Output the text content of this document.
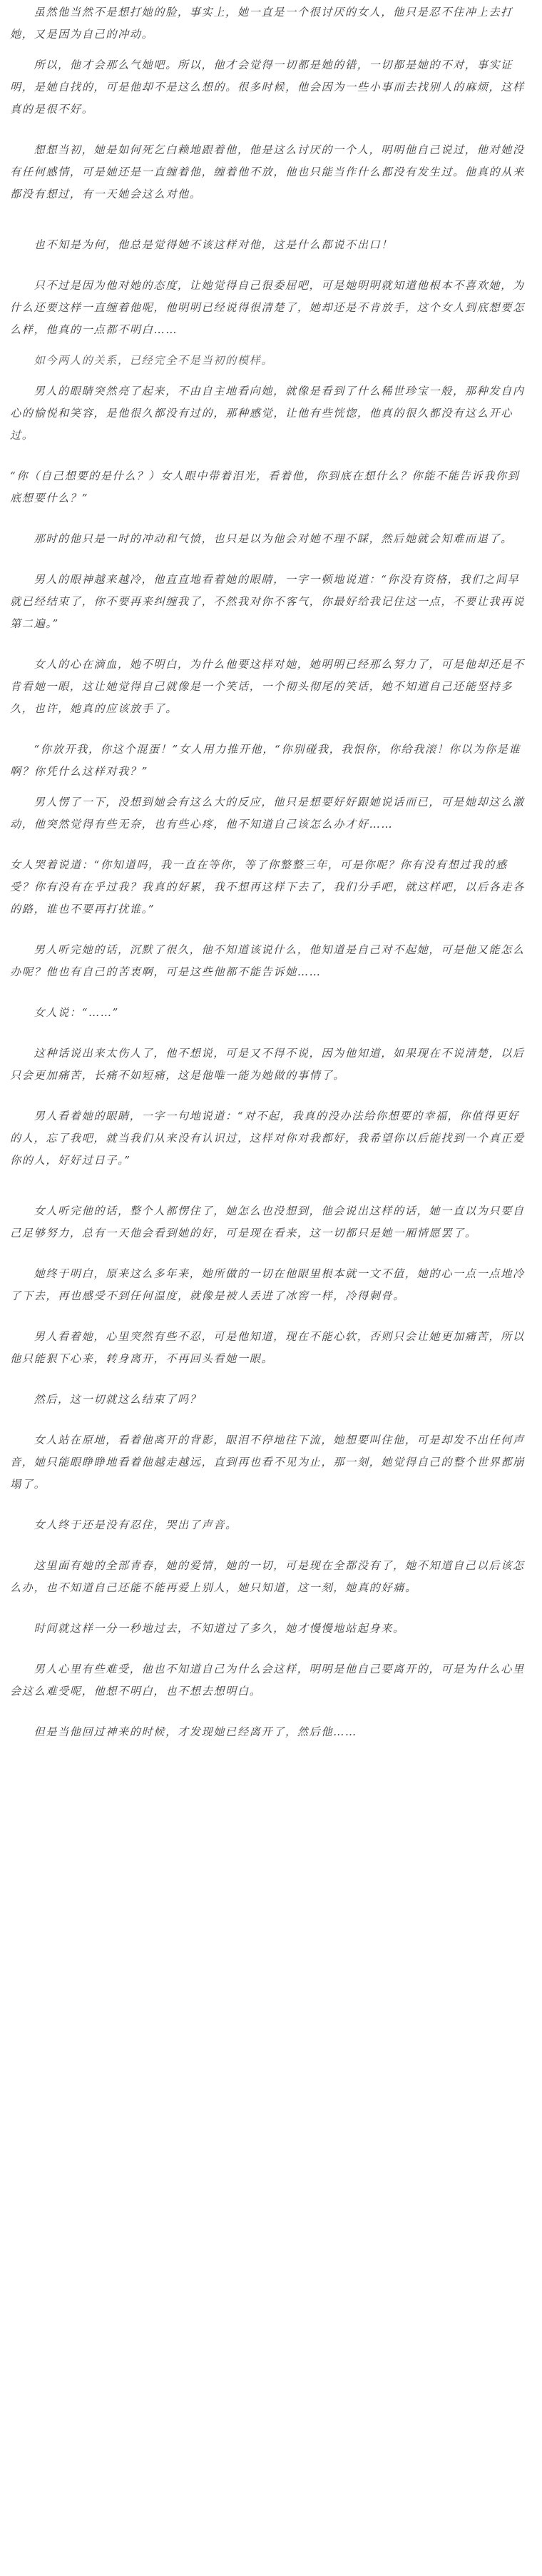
虽然他当然不是想打她的脸，事实上，她一直是一个很讨厌的女人，他只是忍不住冲上去打她，又是因为自己的冲动。

所以，他才会那么气她吧。所以，他才会觉得一切都是她的错，一切都是她的不对，事实证明，是她自找的，可是他却不是这么想的。很多时候，他会因为一些小事而去找别人的麻烦，这样真的是很不好。

想想当初，她是如何死乞白赖地跟着他，他是这么讨厌的一个人，明明他自己说过，他对她没有任何感情，可是她还是一直缠着他，缠着他不放，他也只能当作什么都没有发生过。他真的从来都没有想过，有一天她会这么对他。

也不知是为何，他总是觉得她不该这样对他，这是什么都说不出口！

只不过是因为他对她的态度，让她觉得自己很委屈吧，可是她明明就知道他根本不喜欢她，为什么还要这样一直缠着他呢，他明明已经说得很清楚了，她却还是不肯放手，这个女人到底想要怎么样，他真的一点都不明白……

如今两人的关系，已经完全不是当初的模样。

男人的眼睛突然亮了起来，不由自主地看向她，就像是看到了什么稀世珍宝一般，那种发自内心的愉悦和笑容，是他很久都没有过的，那种感觉，让他有些恍惚，他真的很久都没有这么开心过。

“你（自己想要的是什么？）女人眼中带着泪光，看着他，你到底在想什么？你能不能告诉我你到底想要什么？”

那时的他只是一时的冲动和气愤，也只是以为他会对她不理不睬，然后她就会知难而退了。

男人的眼神越来越冷，他直直地看着她的眼睛，一字一顿地说道：“你没有资格，我们之间早就已经结束了，你不要再来纠缠我了，不然我对你不客气，你最好给我记住这一点，不要让我再说第二遍。”

女人的心在滴血，她不明白，为什么他要这样对她，她明明已经那么努力了，可是他却还是不肯看她一眼，这让她觉得自己就像是一个笑话，一个彻头彻尾的笑话，她不知道自己还能坚持多久，也许，她真的应该放手了。

“你放开我，你这个混蛋！”女人用力推开他，“你别碰我，我恨你，你给我滚！你以为你是谁啊？你凭什么这样对我？”

男人愣了一下，没想到她会有这么大的反应，他只是想要好好跟她说话而已，可是她却这么激动，他突然觉得有些无奈，也有些心疼，他不知道自己该怎么办才好……

女人哭着说道：“你知道吗，我一直在等你，等了你整整三年，可是你呢？你有没有想过我的感受？你有没有在乎过我？我真的好累，我不想再这样下去了，我们分手吧，就这样吧，以后各走各的路，谁也不要再打扰谁。”

男人听完她的话，沉默了很久，他不知道该说什么，他知道是自己对不起她，可是他又能怎么办呢？他也有自己的苦衷啊，可是这些他都不能告诉她……

女人说：“……”

这种话说出来太伤人了，他不想说，可是又不得不说，因为他知道，如果现在不说清楚，以后只会更加痛苦，长痛不如短痛，这是他唯一能为她做的事情了。

男人看着她的眼睛，一字一句地说道：“对不起，我真的没办法给你想要的幸福，你值得更好的人，忘了我吧，就当我们从来没有认识过，这样对你对我都好，我希望你以后能找到一个真正爱你的人，好好过日子。”

女人听完他的话，整个人都愣住了，她怎么也没想到，他会说出这样的话，她一直以为只要自己足够努力，总有一天他会看到她的好，可是现在看来，这一切都只是她一厢情愿罢了。

她终于明白，原来这么多年来，她所做的一切在他眼里根本就一文不值，她的心一点一点地冷了下去，再也感受不到任何温度，就像是被人丢进了冰窖一样，冷得刺骨。

男人看着她，心里突然有些不忍，可是他知道，现在不能心软，否则只会让她更加痛苦，所以他只能狠下心来，转身离开，不再回头看她一眼。

然后，这一切就这么结束了吗？

女人站在原地，看着他离开的背影，眼泪不停地往下流，她想要叫住他，可是却发不出任何声音，她只能眼睁睁地看着他越走越远，直到再也看不见为止，那一刻，她觉得自己的整个世界都崩塌了。

女人终于还是没有忍住，哭出了声音。

这里面有她的全部青春，她的爱情，她的一切，可是现在全都没有了，她不知道自己以后该怎么办，也不知道自己还能不能再爱上别人，她只知道，这一刻，她真的好痛。

时间就这样一分一秒地过去，不知道过了多久，她才慢慢地站起身来。

男人心里有些难受，他也不知道自己为什么会这样，明明是他自己要离开的，可是为什么心里会这么难受呢，他想不明白，也不想去想明白。

但是当他回过神来的时候，才发现她已经离开了，然后他……
